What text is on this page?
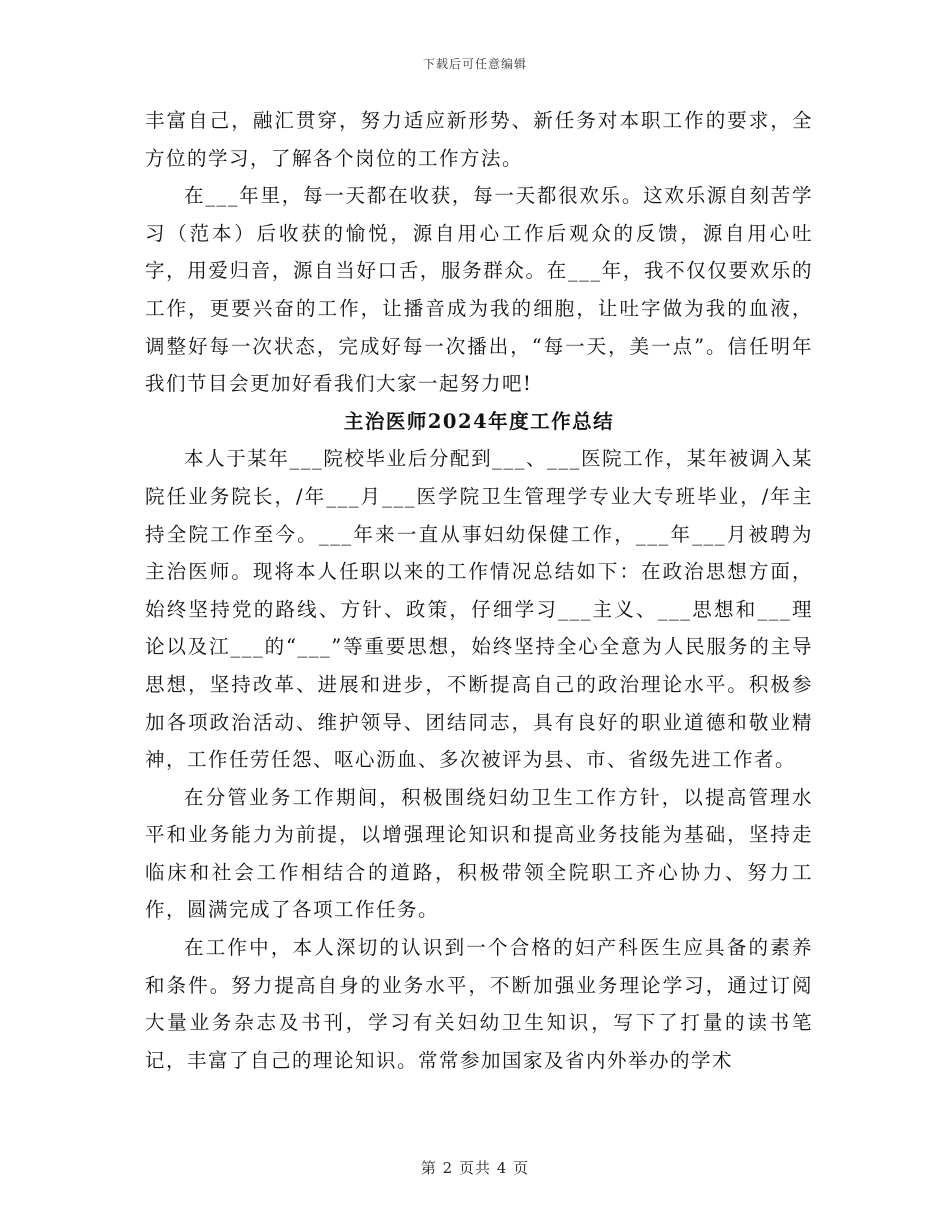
下载后可任意编辑

丰富自己，融汇贯穿，努力适应新形势、新任务对本职工作的要求，全方位的学习，了解各个岗位的工作方法。

在___年里，每一天都在收获，每一天都很欢乐。这欢乐源自刻苦学习（范本）后收获的愉悦，源自用心工作后观众的反馈，源自用心吐字，用爱归音，源自当好口舌，服务群众。在___年，我不仅仅要欢乐的工作，更要兴奋的工作，让播音成为我的细胞，让吐字做为我的血液，调整好每一次状态，完成好每一次播出，“每一天，美一点”。信任明年我们节目会更加好看我们大家一起努力吧!

主治医师2024年度工作总结

本人于某年___院校毕业后分配到___、___医院工作，某年被调入某院任业务院长，/年___月___医学院卫生管理学专业大专班毕业，/年主持全院工作至今。___年来一直从事妇幼保健工作，___年___月被聘为主治医师。现将本人任职以来的工作情况总结如下：在政治思想方面，始终坚持党的路线、方针、政策，仔细学习___主义、___思想和___理论以及江___的“___”等重要思想，始终坚持全心全意为人民服务的主导思想，坚持改革、进展和进步，不断提高自己的政治理论水平。积极参加各项政治活动、维护领导、团结同志，具有良好的职业道德和敬业精神，工作任劳任怨、呕心沥血、多次被评为县、市、省级先进工作者。

在分管业务工作期间，积极围绕妇幼卫生工作方针，以提高管理水平和业务能力为前提，以增强理论知识和提高业务技能为基础，坚持走临床和社会工作相结合的道路，积极带领全院职工齐心协力、努力工作，圆满完成了各项工作任务。

在工作中，本人深切的认识到一个合格的妇产科医生应具备的素养和条件。努力提高自身的业务水平，不断加强业务理论学习，通过订阅大量业务杂志及书刊，学习有关妇幼卫生知识，写下了打量的读书笔记，丰富了自己的理论知识。常常参加国家及省内外举办的学术

第 2 页共 4 页
